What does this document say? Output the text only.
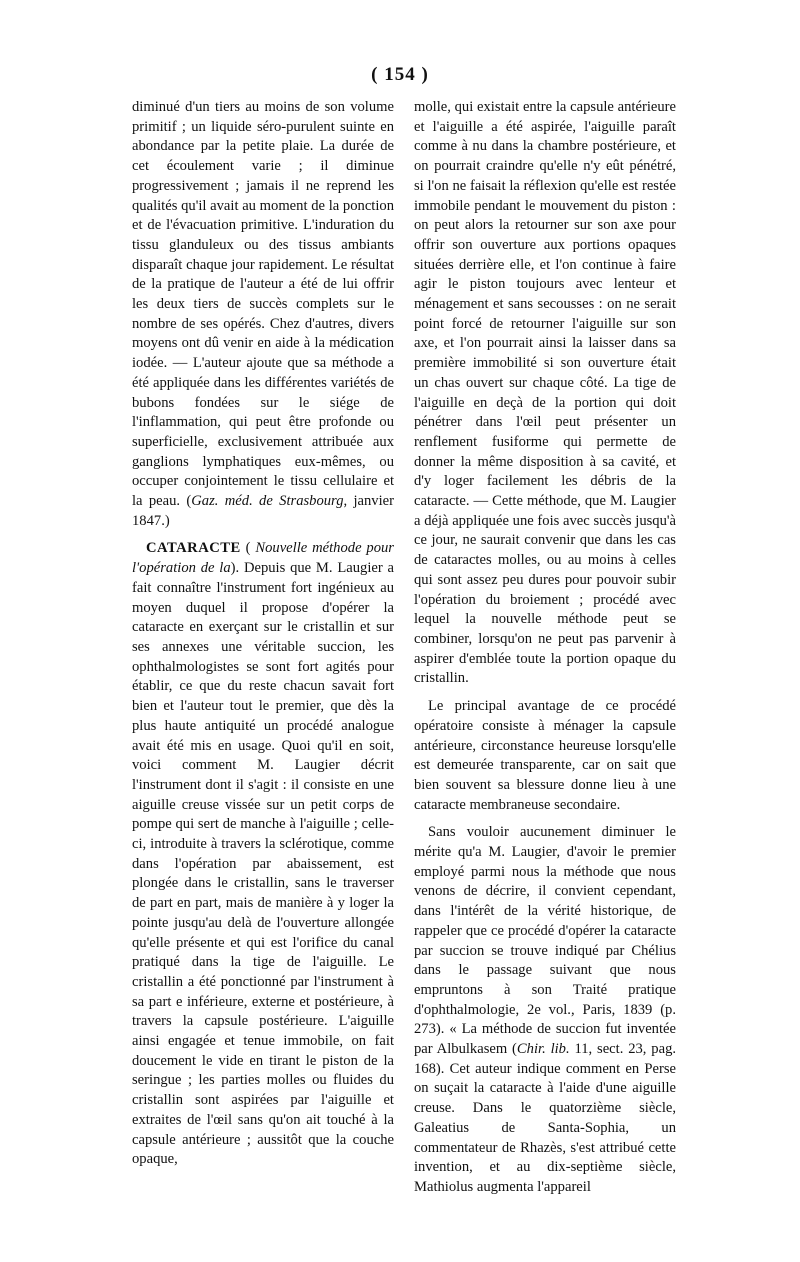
( 154 )

diminué d'un tiers au moins de son volume primitif ; un liquide séro-purulent suinte en abondance par la petite plaie. La durée de cet écoulement varie ; il diminue progressivement ; jamais il ne reprend les qualités qu'il avait au moment de la ponction et de l'évacuation primitive. L'induration du tissu glanduleux ou des tissus ambiants disparaît chaque jour rapidement. Le résultat de la pratique de l'auteur a été de lui offrir les deux tiers de succès complets sur le nombre de ses opérés. Chez d'autres, divers moyens ont dû venir en aide à la médication iodée. — L'auteur ajoute que sa méthode a été appliquée dans les différentes variétés de bubons fondées sur le siége de l'inflammation, qui peut être profonde ou superficielle, exclusivement attribuée aux ganglions lymphatiques eux-mêmes, ou occuper conjointement le tissu cellulaire et la peau. (Gaz. méd. de Strasbourg, janvier 1847.)

CATARACTE ( Nouvelle méthode pour l'opération de la). Depuis que M. Laugier a fait connaître l'instrument fort ingénieux au moyen duquel il propose d'opérer la cataracte en exerçant sur le cristallin et sur ses annexes une véritable succion, les ophthalmologistes se sont fort agités pour établir, ce que du reste chacun savait fort bien et l'auteur tout le premier, que dès la plus haute antiquité un procédé analogue avait été mis en usage. Quoi qu'il en soit, voici comment M. Laugier décrit l'instrument dont il s'agit : il consiste en une aiguille creuse vissée sur un petit corps de pompe qui sert de manche à l'aiguille ; celle-ci, introduite à travers la sclérotique, comme dans l'opération par abaissement, est plongée dans le cristallin, sans le traverser de part en part, mais de manière à y loger la pointe jusqu'au delà de l'ouverture allongée qu'elle présente et qui est l'orifice du canal pratiqué dans la tige de l'aiguille. Le cristallin a été ponctionné par l'instrument à sa part e inférieure, externe et postérieure, à travers la capsule postérieure. L'aiguille ainsi engagée et tenue immobile, on fait doucement le vide en tirant le piston de la seringue ; les parties molles ou fluides du cristallin sont aspirées par l'aiguille et extraites de l'œil sans qu'on ait touché à la capsule antérieure ; aussitôt que la couche opaque,

molle, qui existait entre la capsule antérieure et l'aiguille a été aspirée, l'aiguille paraît comme à nu dans la chambre postérieure, et on pourrait craindre qu'elle n'y eût pénétré, si l'on ne faisait la réflexion qu'elle est restée immobile pendant le mouvement du piston : on peut alors la retourner sur son axe pour offrir son ouverture aux portions opaques situées derrière elle, et l'on continue à faire agir le piston toujours avec lenteur et ménagement et sans secousses : on ne serait point forcé de retourner l'aiguille sur son axe, et l'on pourrait ainsi la laisser dans sa première immobilité si son ouverture était un chas ouvert sur chaque côté. La tige de l'aiguille en deçà de la portion qui doit pénétrer dans l'œil peut présenter un renflement fusiforme qui permette de donner la même disposition à sa cavité, et d'y loger facilement les débris de la cataracte. — Cette méthode, que M. Laugier a déjà appliquée une fois avec succès jusqu'à ce jour, ne saurait convenir que dans les cas de cataractes molles, ou au moins à celles qui sont assez peu dures pour pouvoir subir l'opération du broiement ; procédé avec lequel la nouvelle méthode peut se combiner, lorsqu'on ne peut pas parvenir à aspirer d'emblée toute la portion opaque du cristallin.

Le principal avantage de ce procédé opératoire consiste à ménager la capsule antérieure, circonstance heureuse lorsqu'elle est demeurée transparente, car on sait que bien souvent sa blessure donne lieu à une cataracte membraneuse secondaire.

Sans vouloir aucunement diminuer le mérite qu'a M. Laugier, d'avoir le premier employé parmi nous la méthode que nous venons de décrire, il convient cependant, dans l'intérêt de la vérité historique, de rappeler que ce procédé d'opérer la cataracte par succion se trouve indiqué par Chélius dans le passage suivant que nous empruntons à son Traité pratique d'ophthalmologie, 2e vol., Paris, 1839 (p. 273). « La méthode de succion fut inventée par Albulkasem (Chir. lib. 11, sect. 23, pag. 168). Cet auteur indique comment en Perse on suçait la cataracte à l'aide d'une aiguille creuse. Dans le quatorzième siècle, Galeatius de Santa-Sophia, un commentateur de Rhazès, s'est attribué cette invention, et au dix-septième siècle, Mathiolus augmenta l'appareil
